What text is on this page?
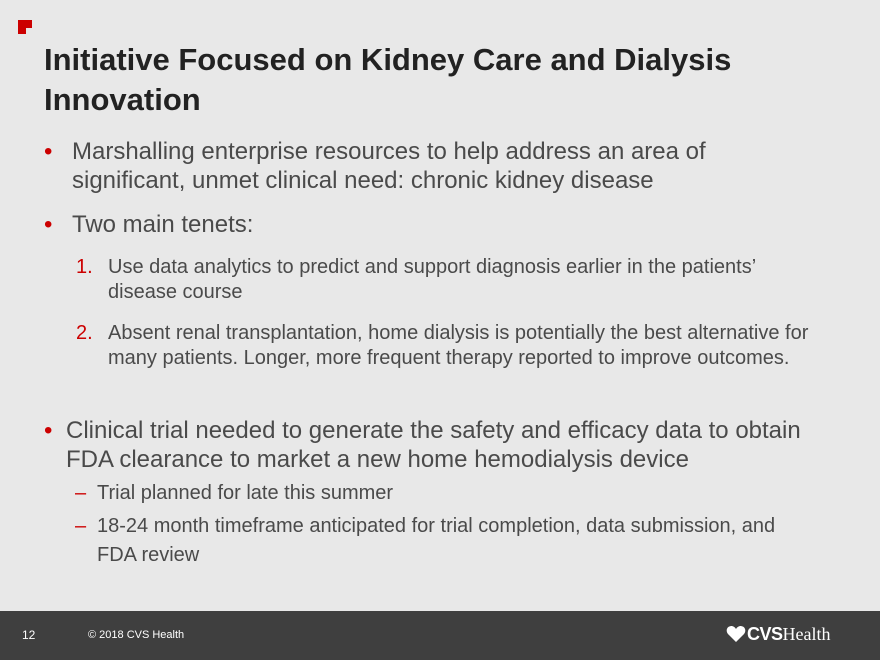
Initiative Focused on Kidney Care and Dialysis Innovation
• Marshalling enterprise resources to help address an area of significant, unmet clinical need: chronic kidney disease
• Two main tenets:
1. Use data analytics to predict and support diagnosis earlier in the patients’ disease course
2. Absent renal transplantation, home dialysis is potentially the best alternative for many patients. Longer, more frequent therapy reported to improve outcomes.
• Clinical trial needed to generate the safety and efficacy data to obtain FDA clearance to market a new home hemodialysis device
– Trial planned for late this summer
– 18-24 month timeframe anticipated for trial completion, data submission, and FDA review
12	© 2018 CVS Health	CVS Health
